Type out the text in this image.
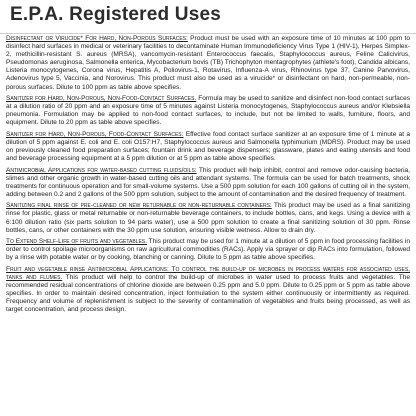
E.P.A. Registered Uses

Disinfectant or Virucide* For Hard, Non-Porous Surfaces: Product must be used with an exposure time of 10 minutes at 100 ppm to disinfect hard surfaces in medical or veterinary facilities to decontaminate Human Immunodeficiency Virus Type 1 (HIV-1), Herpes Simplex-2, methicillin-resistant S. aureus (MRSA), vancomycin-resistant Enterococcus faecalis, Staphylococcus aureus, Feline Calicivirus, Pseudomonas aeruginosa, Salmonella enterica, Mycobacterium bovis (TB) Trichophyton mentagrophytes (athlete's foot), Candida albicans, Listeria monocytogenes, Corona virus, Hepatitis A, Poliovirus-1, Rotavirus, Influenza-A virus, Rhinovirus type 37, Canine Parvovirus, Adenovirus type 5, Vaccinia, and Norovirus. This product must also be used as a virucide* or disinfectant on hard, non-permeable, non-porous surfaces. Dilute to 100 ppm as table above specifies.

Sanitizer for Hard, Non-Porous, Non-Food-Contact Surfaces. Formula may be used to sanitize and disinfect non-food contact surfaces at a dilution ratio of 20 ppm and an exposure time of 5 minutes against Listeria monocytogenes, Staphylococcus aureus and/or Klebsiella pneumonia. Formulation may be applied to non-food contact surfaces, to include, but not be limited to walls, furniture, floors, and equipment. Dilute to 20 ppm as table above specifies.

Sanitizer for Hard, Non-Porous, Food-Contact Surfaces: Effective food contact surface sanitizer at an exposure time of 1 minute at a dilution of 5 ppm against E. coli and E. coli O157:H7, Staphylococcus aureus and Salmonella typhimurium (MDRS). Product may be used on previously cleaned food preparation surfaces; fountain drink and beverage dispensers; glassware, plates and eating utensils and food and beverage processing equipment at a 5 ppm dilution or at 5 ppm as table above specifies.

Antimicrobial Applications for water-based cutting fluids/oils: This product will help inhibit, control and remove odor-causing bacteria, slimes and other organic growth in water-based cutting oils and attendant systems. The formula can be used for batch treatments, shock treatments for continuous operation and for small-volume systems. Use a 500 ppm solution for each 100 gallons of cutting oil in the system, adding between 0.2 and 2 gallons of the 500 ppm solution, subject to the amount of contamination and the desired frequency of treatment.

Sanitizing final rinse of pre-cleaned or new returnable or non-returnable containers: This product may be used as a final sanitizing rinse for plastic, glass or metal returnable or non-returnable beverage containers, to include bottles, cans, and kegs. Using a device with a 6:100 dilution ratio (six parts solution to 94 parts water), use a 500 ppm solution to create a final sanitizing solution of 30 ppm. Rinse bottles, cans, or other containers with the 30 ppm use solution, ensuring visible wetness. Allow to drain dry.

To Extend Shelf-Life of fruits and vegetables. This product may be used for 1 minute at a dilution of 5 ppm in food processing facilities in order to control spoilage microorganisms on raw agricultural commodities (RACs). Apply via sprayer or dip RACs into formulation, followed by a rinse with potable water or by cooking, blanching or canning. Dilute to 5 ppm as table above specifies.

Fruit and vegetable rinse Antimicrobial Applications: To control the build-up of microbes in process waters for associated uses, tanks and flumes. This product will help to control the build-up of microbes in water used to process fruits and vegetables. The recommended residual concentrations of chlorine dioxide are between 0.25 ppm and 5.0 ppm. Dilute to 0.25 ppm or 5 ppm as table above specifies. In order to maintain desired concentration, inject formulation to the system either continuously or intermittently as required. Frequency and volume of replenishment is subject to the severity of contamination of vegetables and fruits being processed, as well as target concentration, and process design.
